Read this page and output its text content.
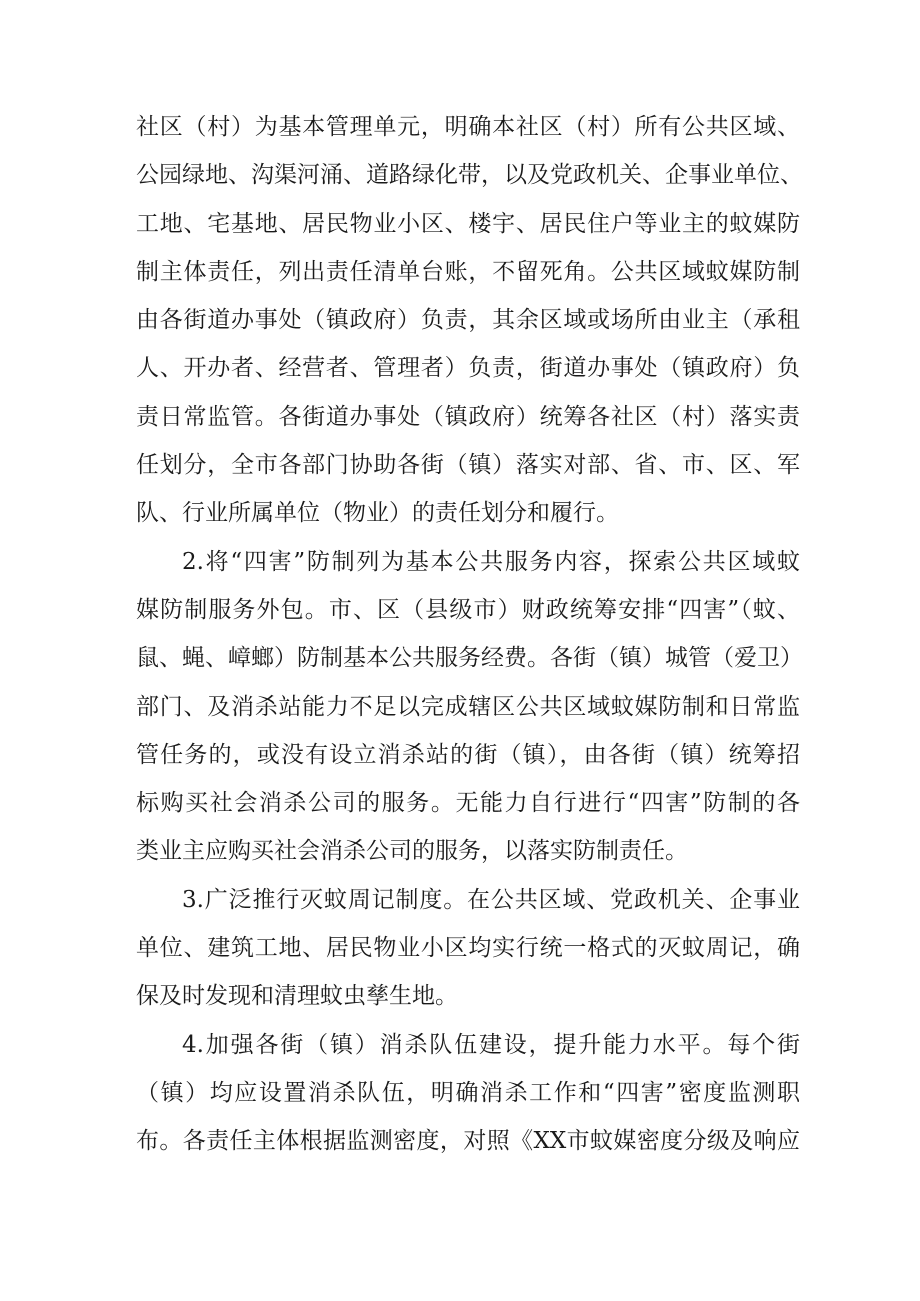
社区（村）为基本管理单元，明确本社区（村）所有公共区域、
公园绿地、沟渠河涌、道路绿化带，以及党政机关、企事业单位、
工地、宅基地、居民物业小区、楼宇、居民住户等业主的蚊媒防
制主体责任，列出责任清单台账，不留死角。公共区域蚊媒防制
由各街道办事处（镇政府）负责，其余区域或场所由业主（承租
人、开办者、经营者、管理者）负责，街道办事处（镇政府）负
责日常监管。各街道办事处（镇政府）统筹各社区（村）落实责
任划分，全市各部门协助各街（镇）落实对部、省、市、区、军
队、行业所属单位（物业）的责任划分和履行。
2.将“四害”防制列为基本公共服务内容，探索公共区域蚊
媒防制服务外包。市、区（县级市）财政统筹安排“四害”（蚊、
鼠、蝇、嶂螂）防制基本公共服务经费。各街（镇）城管（爱卫）
部门、及消杀站能力不足以完成辖区公共区域蚊媒防制和日常监
管任务的，或没有设立消杀站的街（镇），由各街（镇）统筹招
标购买社会消杀公司的服务。无能力自行进行“四害”防制的各
类业主应购买社会消杀公司的服务，以落实防制责任。
3.广泛推行灭蚊周记制度。在公共区域、党政机关、企事业
单位、建筑工地、居民物业小区均实行统一格式的灭蚊周记，确
保及时发现和清理蚊虫孳生地。
4.加强各街（镇）消杀队伍建设，提升能力水平。每个街
（镇）均应设置消杀队伍，明确消杀工作和“四害”密度监测职
布。各责任主体根据监测密度，对照《XX市蚊媒密度分级及响应
